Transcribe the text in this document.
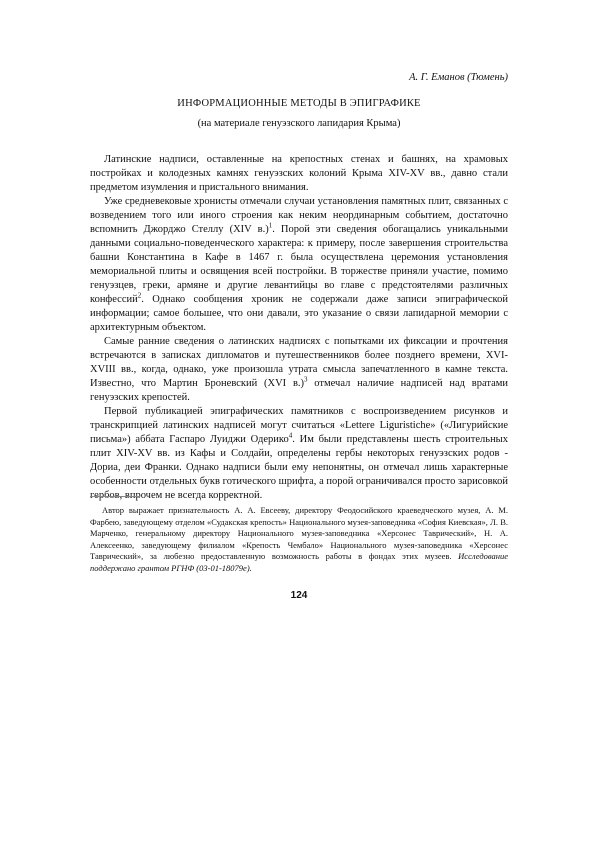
А. Г. Еманов (Тюмень)
ИНФОРМАЦИОННЫЕ МЕТОДЫ В ЭПИГРАФИКЕ
(на материале генуэзского лапидария Крыма)

Латинские надписи, оставленные на крепостных стенах и башнях, на храмовых постройках и колодезных камнях генуэзских колоний Крыма XIV-XV вв., давно стали предметом изумления и пристального внимания.

Уже средневековые хронисты отмечали случаи установления памятных плит, связанных с возведением того или иного строения как неким неординарным событием, достаточно вспомнить Джорджо Стеллу (XIV в.)$^1$. Порой эти сведения обогащались уникальными данными социально-поведенческого характера: к примеру, после завершения строительства башни Константина в Кафе в 1467 г. была осуществлена церемония установления мемориальной плиты и освящения всей постройки. В торжестве приняли участие, помимо генуэзцев, греки, армяне и другие левантийцы во главе с предстоятелями различных конфессий$^2$. Однако сообщения хроник не содержали даже записи эпиграфической информации; самое большее, что они давали, это указание о связи лапидарной мемории с архитектурным объектом.

Самые ранние сведения о латинских надписях с попытками их фиксации и прочтения встречаются в записках дипломатов и путешественников более позднего времени, XVI-XVIII вв., когда, однако, уже произошла утрата смысла запечатленного в камне текста. Известно, что Мартин Броневский (XVI в.)$^3$ отмечал наличие надписей над вратами генуэзских крепостей.

Первой публикацией эпиграфических памятников с воспроизведением рисунков и транскрипцией латинских надписей могут считаться «Lettere Liguristiche» («Лигурийские письма») аббата Гаспаро Луиджи Одерико$^4$. Им были представлены шесть строительных плит XIV-XV вв. из Кафы и Солдайи, определены гербы некоторых генуэзских родов - Дориа, деи Франки. Однако надписи были ему непонятны, он отмечал лишь характерные особенности отдельных букв готического шрифта, а порой ограничивался просто зарисовкой гербов, впрочем не всегда корректной.

Автор выражает признательность А. А. Евсееву, директору Феодосийского краеведческого музея, А. М. Фарбею, заведующему отделом «Судакская крепость» Национального музея-заповедника «София Киевская», Л. В. Марченко, генеральному директору Национального музея-заповедника «Херсонес Таврический», Н. А. Алексеенко, заведующему филиалом «Крепость Чембало» Национального музея-заповедника «Херсонес Таврический», за любезно предоставленную возможность работы в фондах этих музеев. Исследование поддержано грантом РГНФ (03-01-18079е).

124
